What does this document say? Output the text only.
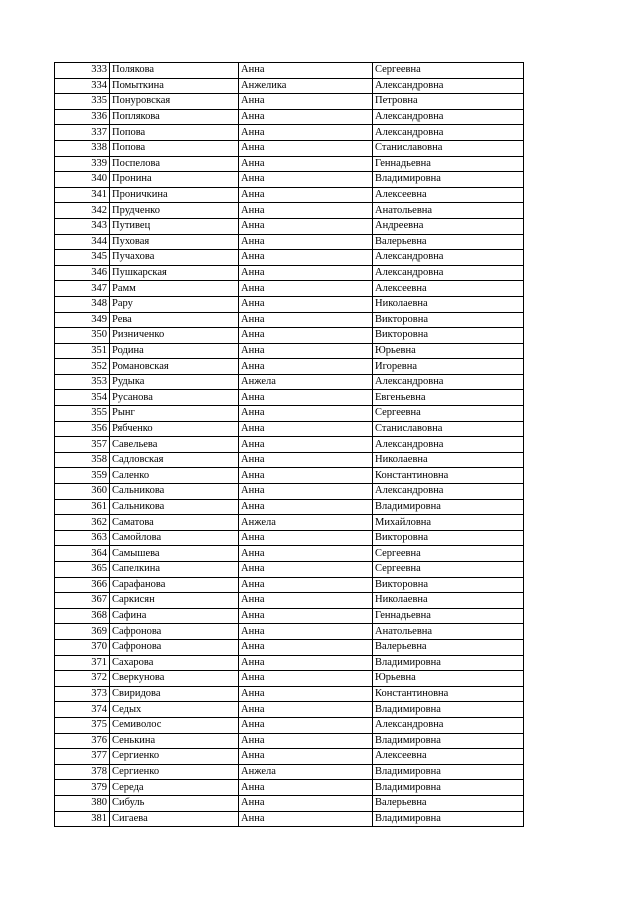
333	Полякова	Анна	Сергеевна
334	Помыткина	Анжелика	Александровна
335	Понуровская	Анна	Петровна
336	Поплякова	Анна	Александровна
337	Попова	Анна	Александровна
338	Попова	Анна	Станиславовна
339	Поспелова	Анна	Геннадьевна
340	Пронина	Анна	Владимировна
341	Проничкина	Анна	Алексеевна
342	Прудченко	Анна	Анатольевна
343	Путивец	Анна	Андреевна
344	Пуховая	Анна	Валерьевна
345	Пучахова	Анна	Александровна
346	Пушкарская	Анна	Александровна
347	Рамм	Анна	Алексеевна
348	Рару	Анна	Николаевна
349	Рева	Анна	Викторовна
350	Ризниченко	Анна	Викторовна
351	Родина	Анна	Юрьевна
352	Романовская	Анна	Игоревна
353	Рудыка	Анжела	Александровна
354	Русанова	Анна	Евгеньевна
355	Рынг	Анна	Сергеевна
356	Рябченко	Анна	Станиславовна
357	Савельева	Анна	Александровна
358	Садловская	Анна	Николаевна
359	Саленко	Анна	Константиновна
360	Сальникова	Анна	Александровна
361	Сальникова	Анна	Владимировна
362	Саматова	Анжела	Михайловна
363	Самойлова	Анна	Викторовна
364	Самышева	Анна	Сергеевна
365	Сапелкина	Анна	Сергеевна
366	Сарафанова	Анна	Викторовна
367	Саркисян	Анна	Николаевна
368	Сафина	Анна	Геннадьевна
369	Сафронова	Анна	Анатольевна
370	Сафронова	Анна	Валерьевна
371	Сахарова	Анна	Владимировна
372	Сверкунова	Анна	Юрьевна
373	Свиридова	Анна	Константиновна
374	Седых	Анна	Владимировна
375	Семиволос	Анна	Александровна
376	Сенькина	Анна	Владимировна
377	Сергиенко	Анна	Алексеевна
378	Сергиенко	Анжела	Владимировна
379	Середа	Анна	Владимировна
380	Сибуль	Анна	Валерьевна
381	Сигаева	Анна	Владимировна
